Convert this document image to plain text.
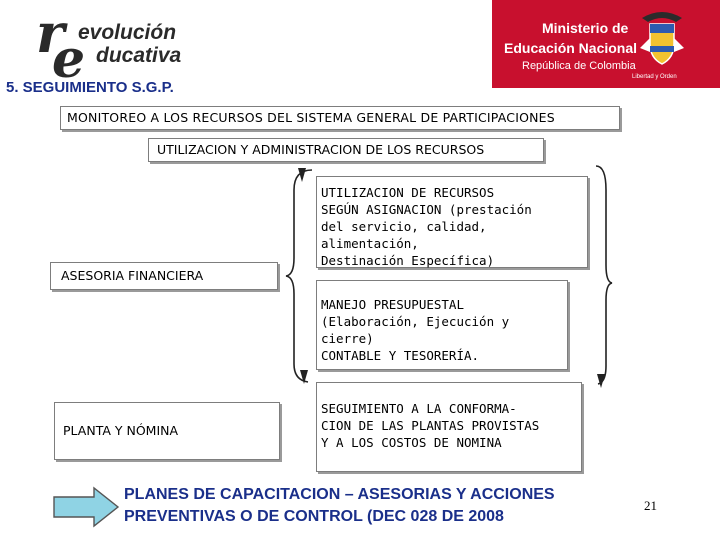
r evolución
e ducativa
Ministerio de
Educación Nacional
República de Colombia
Libertad y Orden
5. SEGUIMIENTO S.G.P.
MONITOREO A LOS RECURSOS DEL SISTEMA GENERAL DE PARTICIPACIONES
UTILIZACION Y ADMINISTRACION DE LOS RECURSOS
UTILIZACION DE RECURSOS
SEGÚN ASIGNACION (prestación
del servicio, calidad, alimentación,
Destinación Específica)
ASESORIA FINANCIERA
MANEJO PRESUPUESTAL
(Elaboración, Ejecución y cierre)
CONTABLE Y TESORERÍA.
PLANTA Y NÓMINA
SEGUIMIENTO A LA CONFORMA-
CION DE LAS PLANTAS PROVISTAS
Y A LOS COSTOS DE NOMINA
PLANES DE CAPACITACION – ASESORIAS Y ACCIONES
PREVENTIVAS O DE CONTROL (DEC 028 DE 2008
21
